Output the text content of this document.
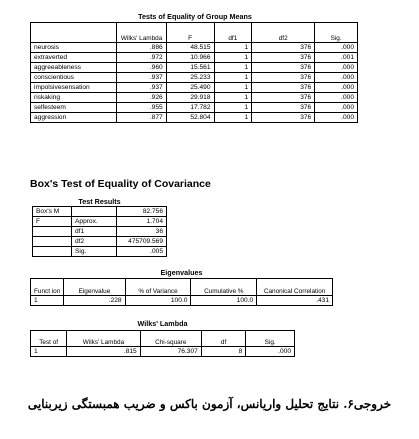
Tests of Equality of Group Means
	Wilks' Lambda	F	df1	df2	Sig.
neurosis	.886	48.515	1	376	.000
extraverted	.972	10.966	1	376	.001
aggreeableness	.960	15.561	1	376	.000
conscientious	.937	25.233	1	376	.000
impolsivesensation	.937	25.490	1	376	.000
riskaking	.926	29.918	1	376	.000
selfesteem	.955	17.782	1	376	.000
aggression	.877	52.804	1	376	.000
Box's Test of Equality of Covariance
Test Results
Box's M		82.756
F	Approx.	1.704
	df1	36
	df2	475709.569
	Sig.	.005
Eigenvalues
Funct ion	Eigenvalue	% of Variance	Cumulative %	Canonical Correlation
1	.228	100.0	100.0	.431
Wilks' Lambda
Test of	Wilks' Lambda	Chi-square	df	Sig.
1	.815	76.307	8	.000
خروجی۶. نتایج تحلیل واریانس، آزمون باکس و ضریب همبستگی زیربنایی
